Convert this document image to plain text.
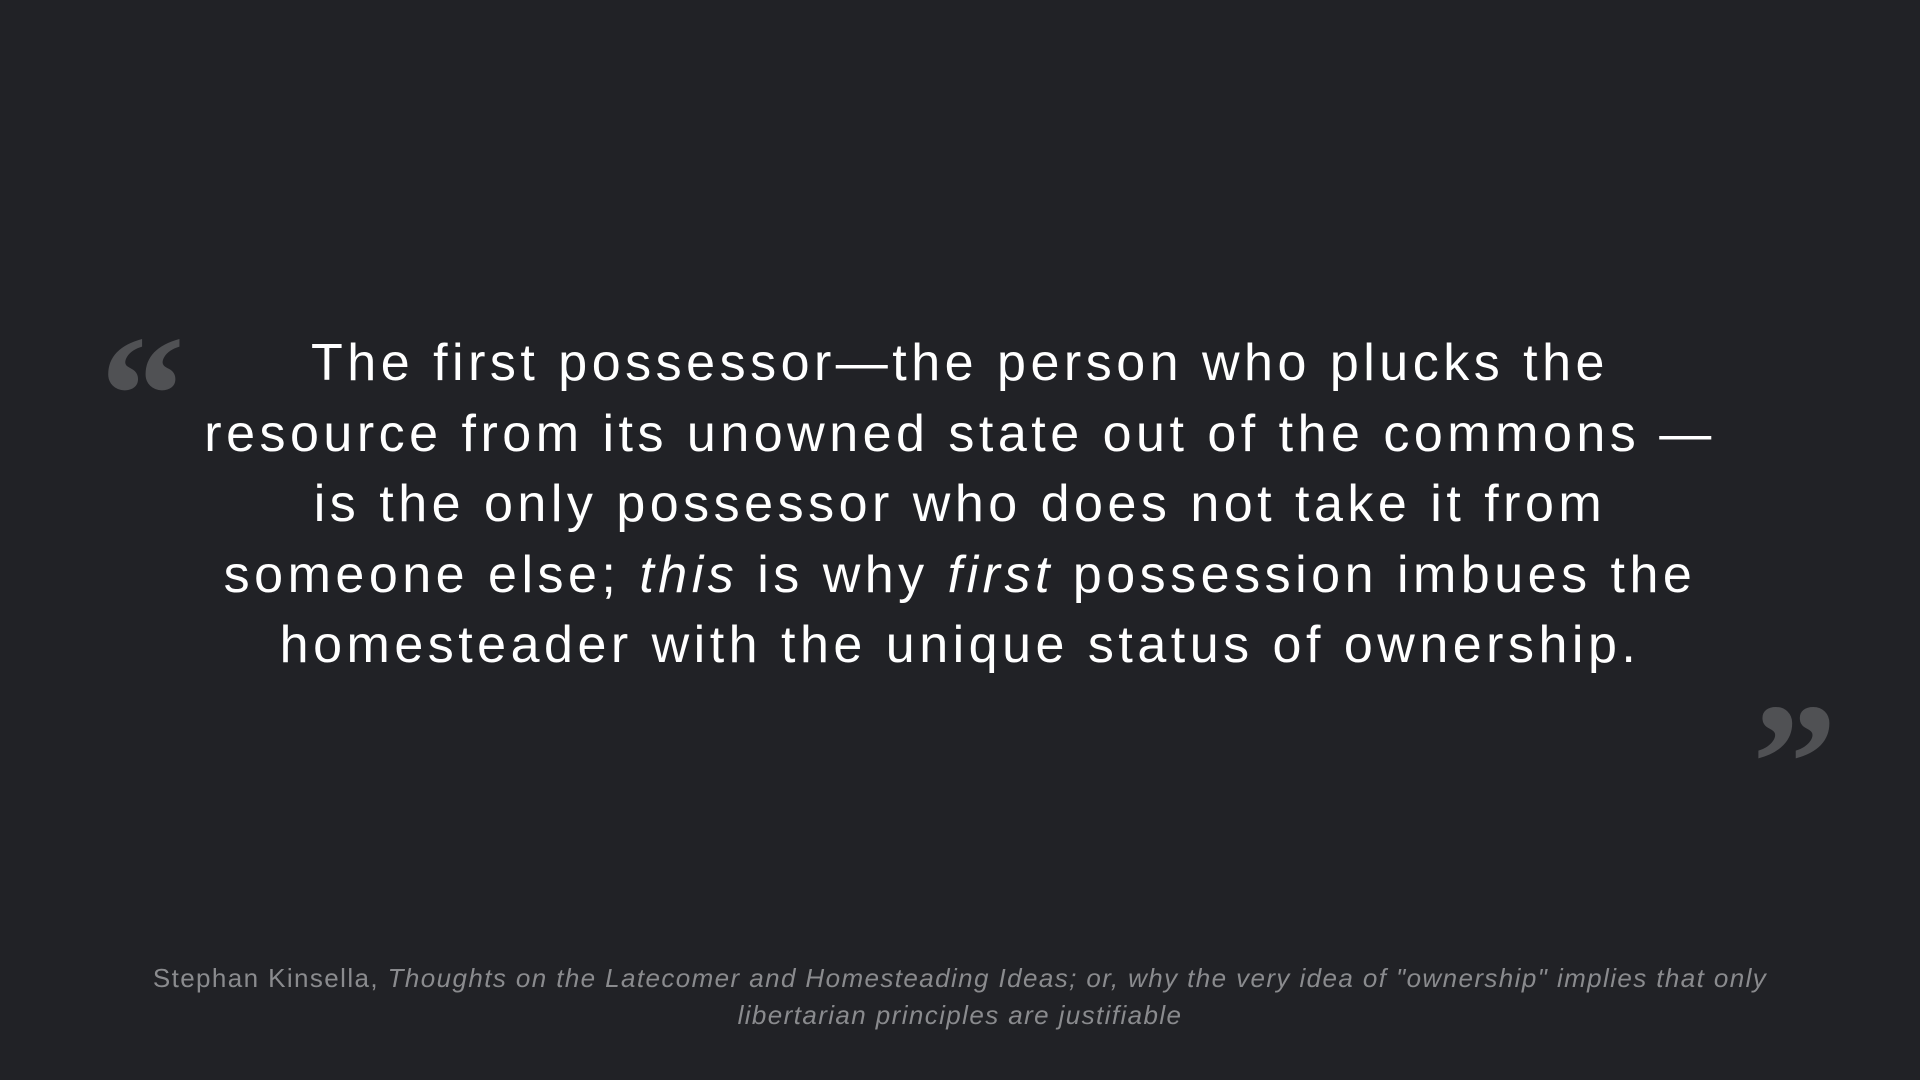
“	The first possessor—the person who plucks the resource from its unowned state out of the commons —is the only possessor who does not take it from someone else; this is why first possession imbues the homesteader with the unique status of ownership.

”

Stephan Kinsella, Thoughts on the Latecomer and Homesteading Ideas; or, why the very idea of "ownership" implies that only libertarian principles are justifiable
